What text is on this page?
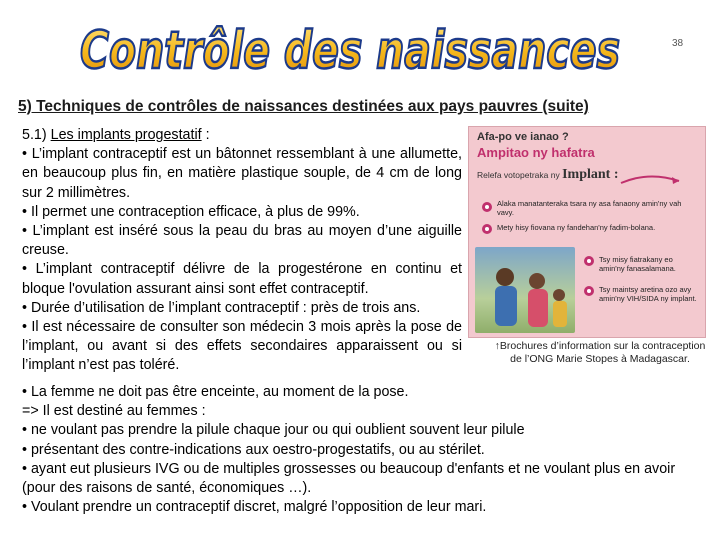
Contrôle des naissances	38
5) Techniques de contrôles de naissances destinées aux pays pauvres (suite)

5.1) Les implants progestatif :

• L’implant contraceptif est un bâtonnet ressemblant à une allumette, en beaucoup plus fin, en matière plastique souple, de 4 cm de long sur 2 millimètres.

• Il permet une contraception efficace, à plus de 99%.

• L’implant est inséré sous la peau du bras au moyen d’une aiguille creuse.

• L’implant contraceptif délivre de la progestérone en continu et bloque l'ovulation assurant ainsi sont effet contraceptif.

• Durée d’utilisation de l’implant contraceptif : près de trois ans.

• Il est nécessaire de consulter son médecin 3 mois après la pose de l’implant, ou avant si des effets secondaires apparaissent ou si l’implant n’est pas toléré.

Afa-po ve ianao ?
Ampitao ny hafatra
Relefa votopetraka ny Implant :
Alaka manatanteraka tsara ny asa fanaony amin'ny vah vavy.
Mety hisy fiovana ny fandehan'ny fadim-bolana.
Tsy misy fiatrakany eo amin'ny fanasalamana.
Tsy maintsy aretina ozo avy amin'ny VIH/SIDA ny implant.
↑Brochures d’information sur la contraception de l’ONG Marie Stopes à Madagascar.

• La femme ne doit pas être enceinte, au moment de la pose.

=> Il est destiné au femmes :

• ne voulant pas prendre la pilule chaque jour ou qui oublient souvent leur pilule

• présentant des contre-indications aux oestro-progestatifs, ou au stérilet.

• ayant eut plusieurs IVG ou de multiples grossesses ou beaucoup d'enfants et ne voulant plus en avoir (pour des raisons de santé, économiques …).

• Voulant prendre un contraceptif discret, malgré l’opposition de leur mari.
